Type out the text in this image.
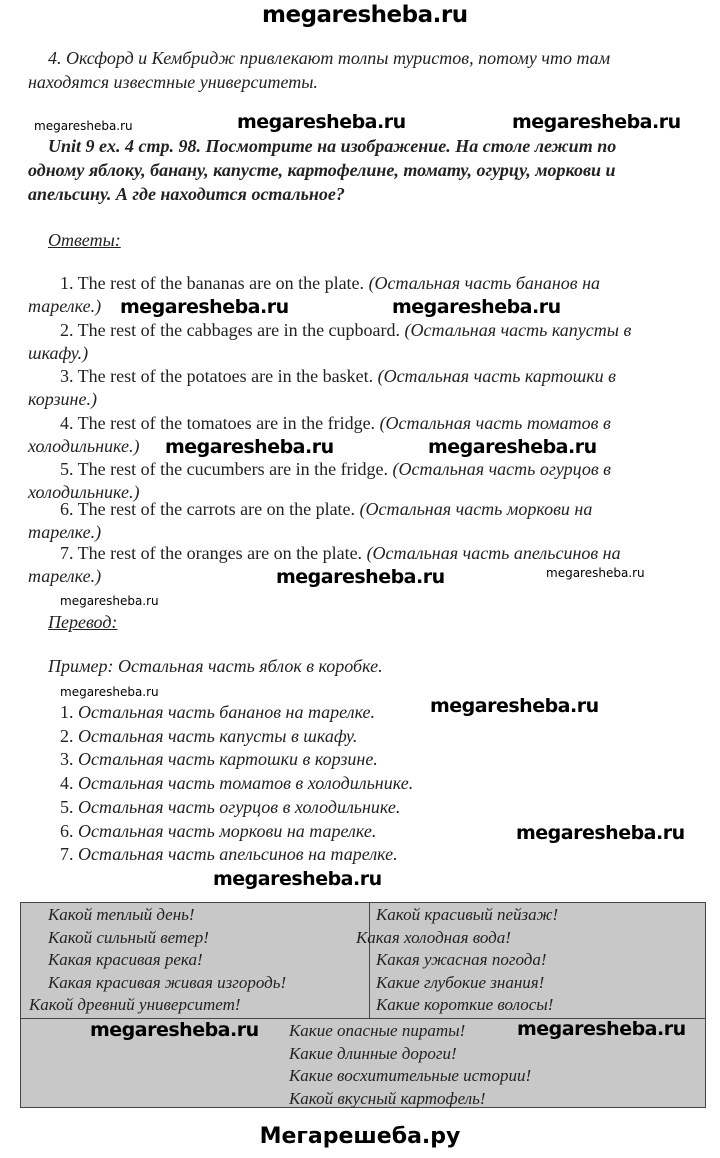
megaresheba.ru
4. Оксфорд и Кембридж привлекают толпы туристов, потому что там
находятся известные университеты.
megaresheba.ru	megaresheba.ru	megaresheba.ru
Unit 9 ex. 4 стр. 98. Посмотрите на изображение. На столе лежит по
одному яблоку, банану, капусте, картофелине, томату, огурцу, моркови и
апельсину. А где находится остальное?
Ответы:
1. The rest of the bananas are on the plate. (Остальная часть бананов на
тарелке.)
2. The rest of the cabbages are in the cupboard. (Остальная часть капусты в
шкафу.)
3. The rest of the potatoes are in the basket. (Остальная часть картошки в
корзине.)
4. The rest of the tomatoes are in the fridge. (Остальная часть томатов в
холодильнике.)
5. The rest of the cucumbers are in the fridge. (Остальная часть огурцов в
холодильнике.)
6. The rest of the carrots are on the plate. (Остальная часть моркови на
тарелке.)
7. The rest of the oranges are on the plate. (Остальная часть апельсинов на
тарелке.)
megaresheba.ru	megaresheba.ru
megaresheba.ru	megaresheba.ru
megaresheba.ru	megaresheba.ru
megaresheba.ru
Перевод:
Пример: Остальная часть яблок в коробке.
megaresheba.ru
1. Остальная часть бананов на тарелке.
2. Остальная часть капусты в шкафу.
3. Остальная часть картошки в корзине.
4. Остальная часть томатов в холодильнике.
5. Остальная часть огурцов в холодильнике.
6. Остальная часть моркови на тарелке.
7. Остальная часть апельсинов на тарелке.
megaresheba.ru
megaresheba.ru
megaresheba.ru
Какой теплый день!
Какой сильный ветер!
Какая красивая река!
Какая красивая живая изгородь!
Какой древний университет!
Какой красивый пейзаж!
Какая холодная вода!
Какая ужасная погода!
Какие глубокие знания!
Какие короткие волосы!
Какие опасные пираты!
Какие длинные дороги!
Какие восхитительные истории!
Какой вкусный картофель!
megaresheba.ru	megaresheba.ru
Мегарешеба.ру
